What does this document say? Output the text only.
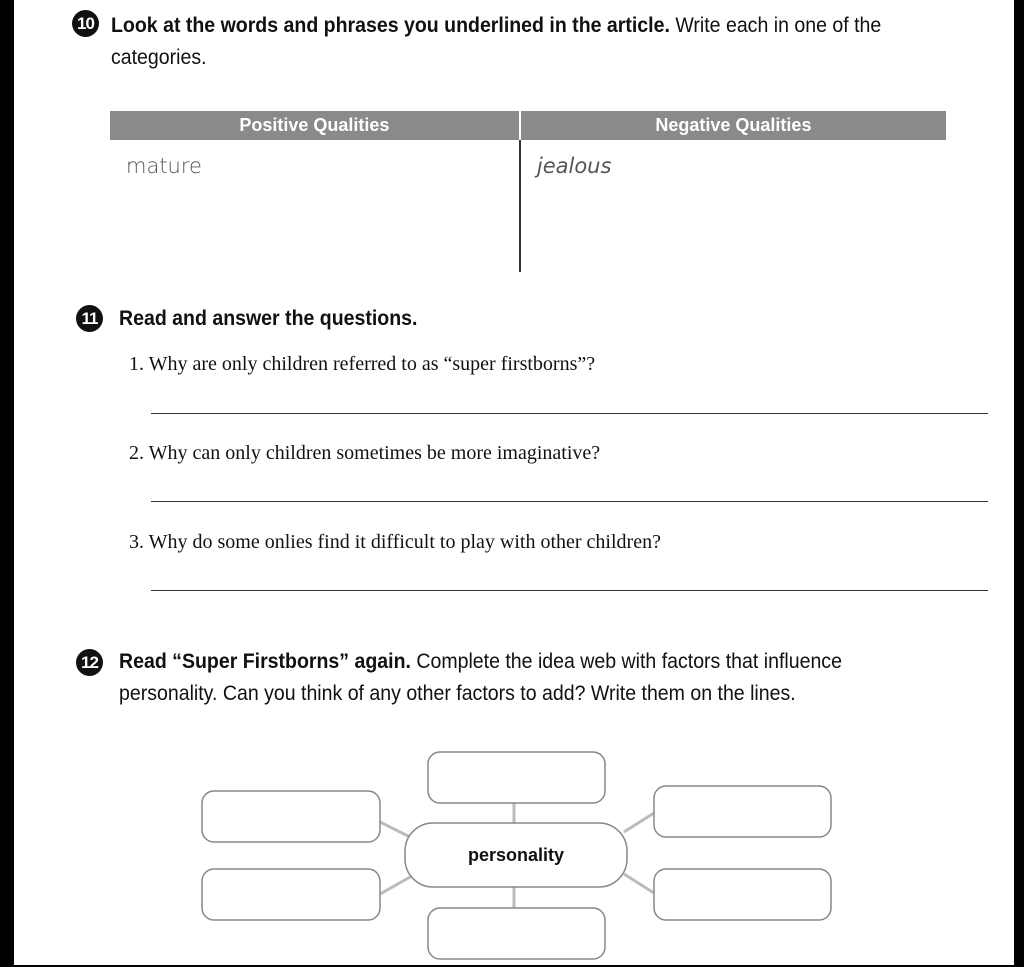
10 Look at the words and phrases you underlined in the article. Write each in one of the categories.
Positive Qualities	Negative Qualities
mature	jealous
11 Read and answer the questions.
1. Why are only children referred to as “super firstborns”?
2. Why can only children sometimes be more imaginative?
3. Why do some onlies find it difficult to play with other children?
12 Read “Super Firstborns” again. Complete the idea web with factors that influence personality. Can you think of any other factors to add? Write them on the lines.
personality
